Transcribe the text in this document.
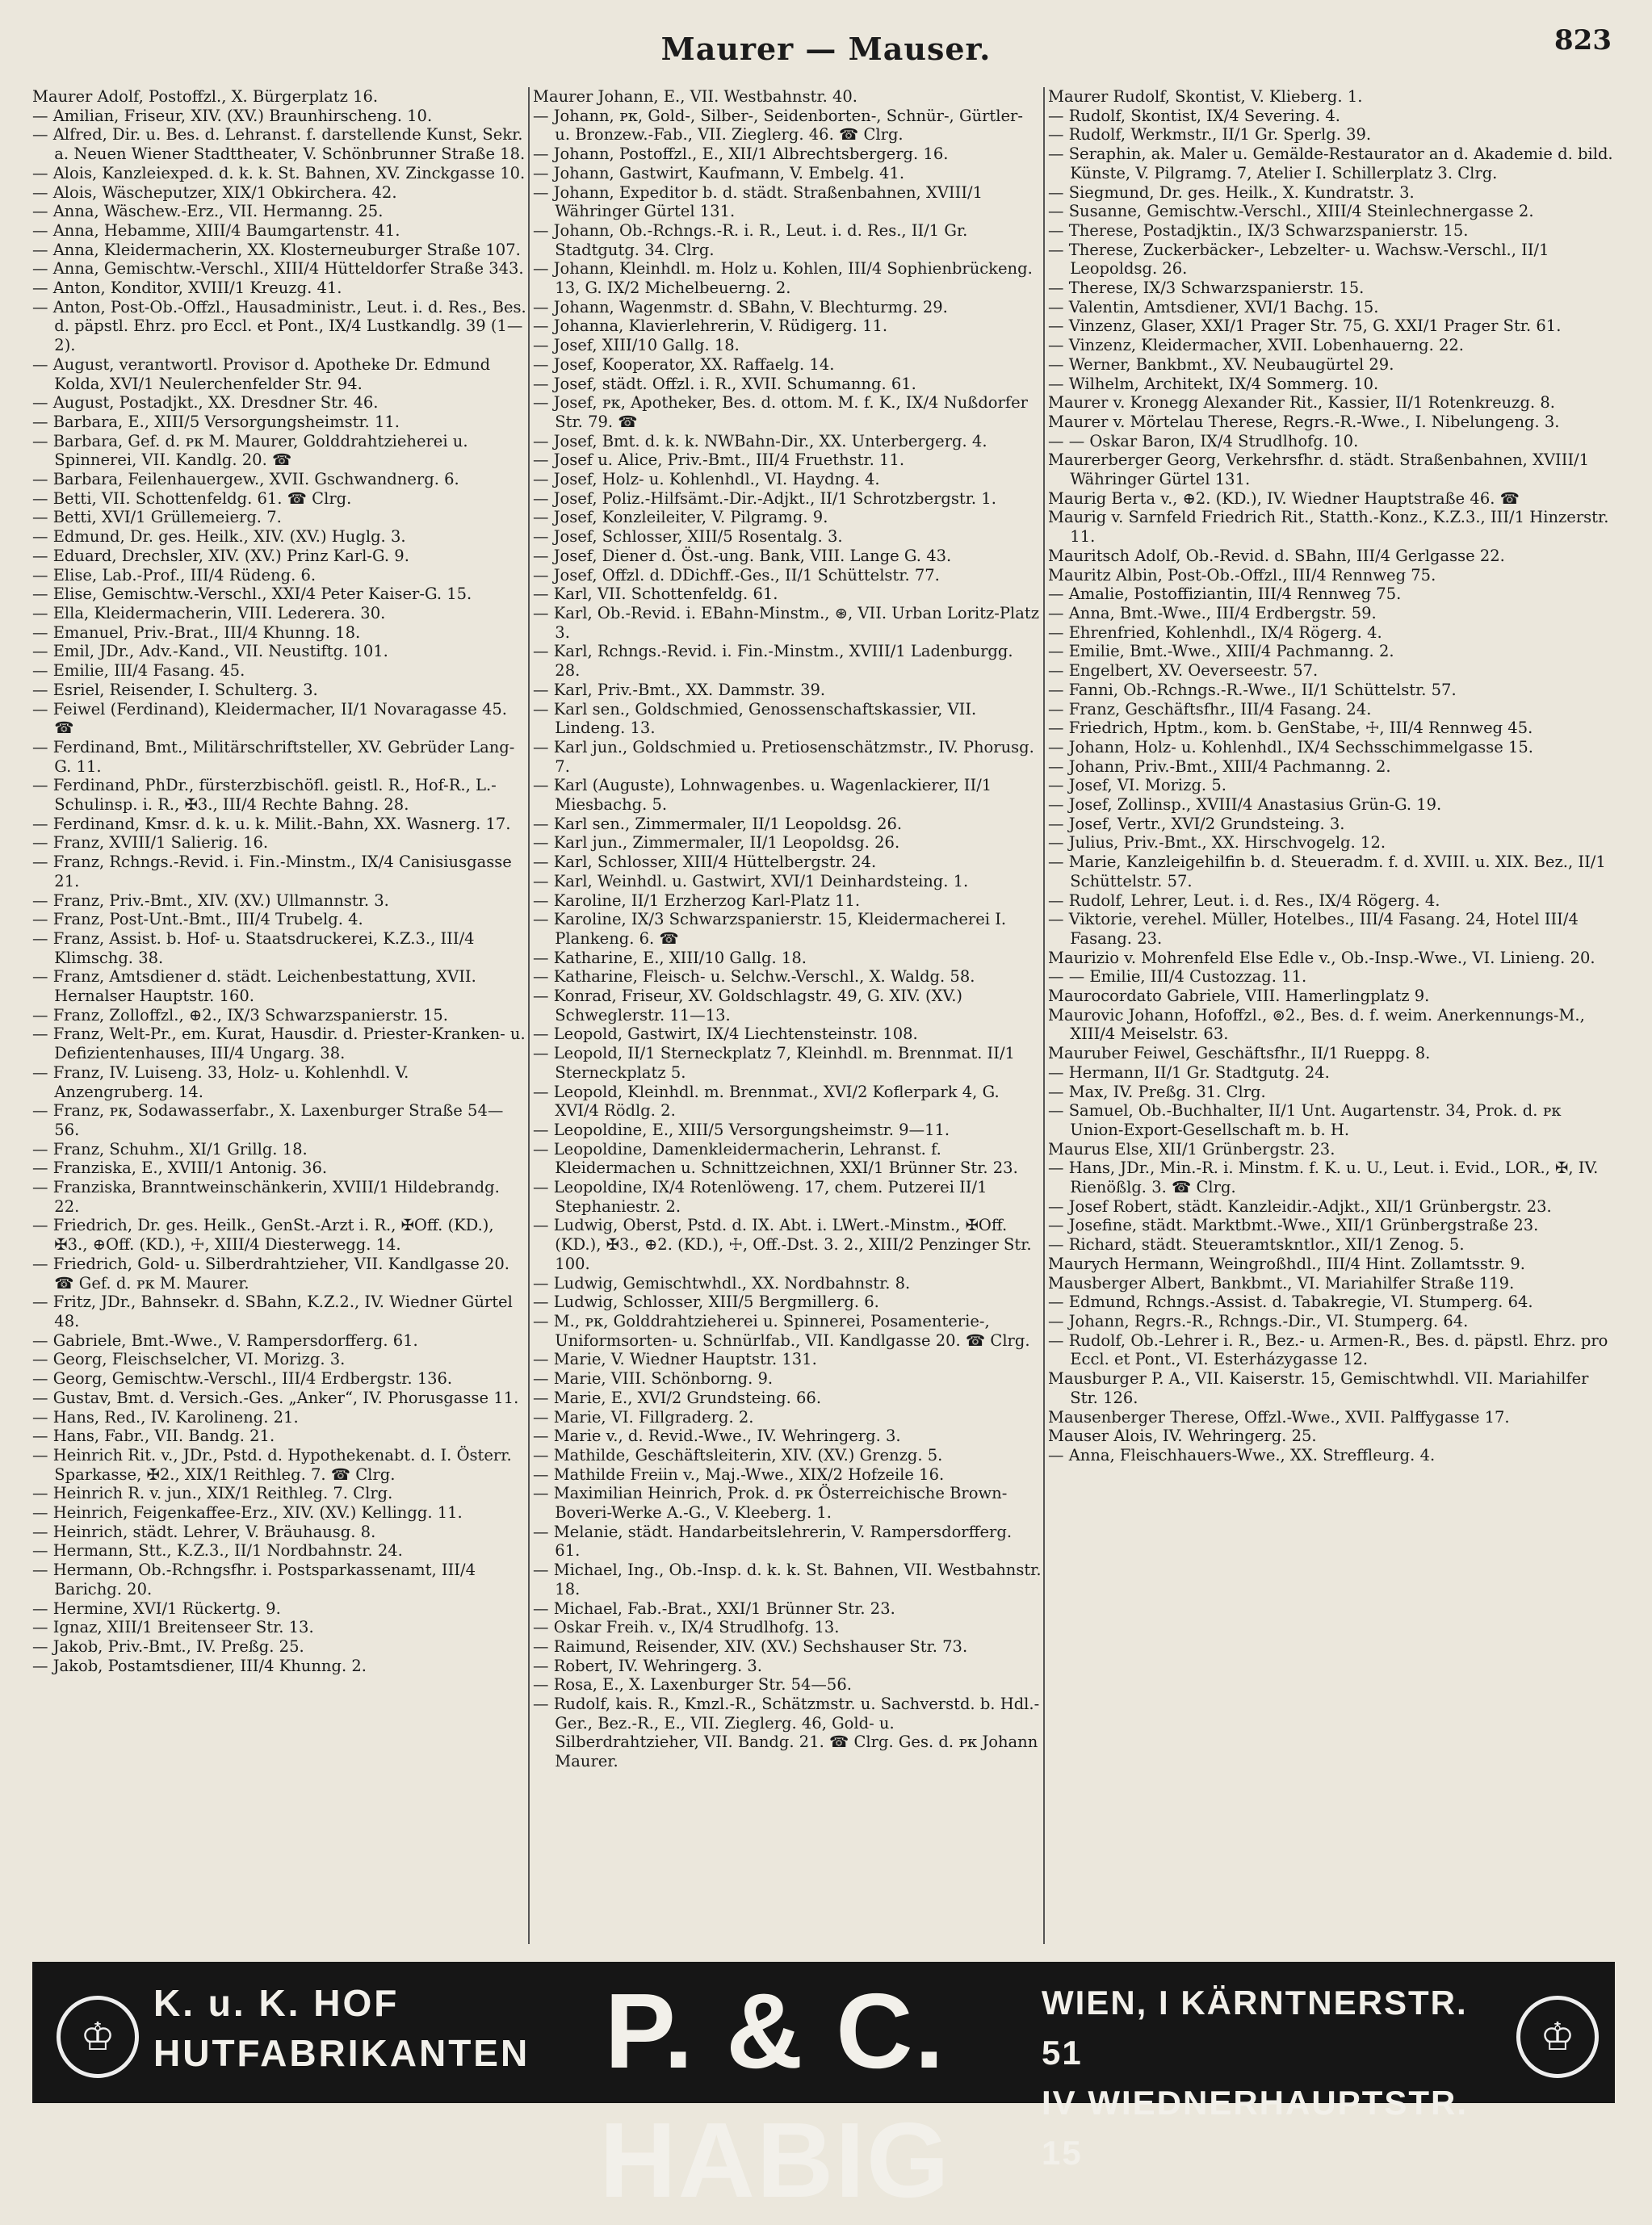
Maurer — Mauser.	823

Maurer Adolf, Postoffzl., X. Bürgerplatz 16.

— Amilian, Friseur, XIV. (XV.) Braunhirscheng. 10.

— Alfred, Dir. u. Bes. d. Lehranst. f. darstellende Kunst, Sekr. a. Neuen Wiener Stadttheater, V. Schönbrunner Straße 18.

— Alois, Kanzleiexped. d. k. k. St. Bahnen, XV. Zinckgasse 10.

— Alois, Wäscheputzer, XIX/1 Obkirchera. 42.

— Anna, Wäschew.-Erz., VII. Hermanng. 25.

— Anna, Hebamme, XIII/4 Baumgartenstr. 41.

— Anna, Kleidermacherin, XX. Klosterneuburger Straße 107.

— Anna, Gemischtw.-Verschl., XIII/4 Hütteldorfer Straße 343.

— Anton, Konditor, XVIII/1 Kreuzg. 41.

— Anton, Post-Ob.-Offzl., Hausadministr., Leut. i. d. Res., Bes. d. päpstl. Ehrz. pro Eccl. et Pont., IX/4 Lustkandlg. 39 (1—2).

— August, verantwortl. Provisor d. Apotheke Dr. Edmund Kolda, XVI/1 Neulerchenfelder Str. 94.

— August, Postadjkt., XX. Dresdner Str. 46.

— Barbara, E., XIII/5 Versorgungsheimstr. 11.

— Barbara, Gef. d. ᴘᴋ M. Maurer, Golddrahtzieherei u. Spinnerei, VII. Kandlg. 20. ☎

— Barbara, Feilenhauergew., XVII. Gschwandnerg. 6.

— Betti, VII. Schottenfeldg. 61. ☎ Clrg.

— Betti, XVI/1 Grüllemeierg. 7.

— Edmund, Dr. ges. Heilk., XIV. (XV.) Huglg. 3.

— Eduard, Drechsler, XIV. (XV.) Prinz Karl-G. 9.

— Elise, Lab.-Prof., III/4 Rüdeng. 6.

— Elise, Gemischtw.-Verschl., XXI/4 Peter Kaiser-G. 15.

— Ella, Kleidermacherin, VIII. Lederera. 30.

— Emanuel, Priv.-Brat., III/4 Khunng. 18.

— Emil, JDr., Adv.-Kand., VII. Neustiftg. 101.

— Emilie, III/4 Fasang. 45.

— Esriel, Reisender, I. Schulterg. 3.

— Feiwel (Ferdinand), Kleidermacher, II/1 Novaragasse 45. ☎

— Ferdinand, Bmt., Militärschriftsteller, XV. Gebrüder Lang-G. 11.

— Ferdinand, PhDr., fürsterzbischöfl. geistl. R., Hof-R., L.-Schulinsp. i. R., ✠3., III/4 Rechte Bahng. 28.

— Ferdinand, Kmsr. d. k. u. k. Milit.-Bahn, XX. Wasnerg. 17.

— Franz, XVIII/1 Salierig. 16.

— Franz, Rchngs.-Revid. i. Fin.-Minstm., IX/4 Canisiusgasse 21.

— Franz, Priv.-Bmt., XIV. (XV.) Ullmannstr. 3.

— Franz, Post-Unt.-Bmt., III/4 Trubelg. 4.

— Franz, Assist. b. Hof- u. Staatsdruckerei, K.Z.3., III/4 Klimschg. 38.

— Franz, Amtsdiener d. städt. Leichenbestattung, XVII. Hernalser Hauptstr. 160.

— Franz, Zolloffzl., ⊕2., IX/3 Schwarzspanierstr. 15.

— Franz, Welt-Pr., em. Kurat, Hausdir. d. Priester-Kranken- u. Defizientenhauses, III/4 Ungarg. 38.

— Franz, IV. Luiseng. 33, Holz- u. Kohlenhdl. V. Anzengruberg. 14.

— Franz, ᴘᴋ, Sodawasserfabr., X. Laxenburger Straße 54—56.

— Franz, Schuhm., XI/1 Grillg. 18.

— Franziska, E., XVIII/1 Antonig. 36.

— Franziska, Branntweinschänkerin, XVIII/1 Hildebrandg. 22.

— Friedrich, Dr. ges. Heilk., GenSt.-Arzt i. R., ✠Off. (KD.), ✠3., ⊕Off. (KD.), ☩, XIII/4 Diesterwegg. 14.

— Friedrich, Gold- u. Silberdrahtzieher, VII. Kandlgasse 20. ☎ Gef. d. ᴘᴋ M. Maurer.

— Fritz, JDr., Bahnsekr. d. SBahn, K.Z.2., IV. Wiedner Gürtel 48.

— Gabriele, Bmt.-Wwe., V. Rampersdorfferg. 61.

— Georg, Fleischselcher, VI. Morizg. 3.

— Georg, Gemischtw.-Verschl., III/4 Erdbergstr. 136.

— Gustav, Bmt. d. Versich.-Ges. „Anker“, IV. Phorusgasse 11.

— Hans, Red., IV. Karolineng. 21.

— Hans, Fabr., VII. Bandg. 21.

— Heinrich Rit. v., JDr., Pstd. d. Hypothekenabt. d. I. Österr. Sparkasse, ✠2., XIX/1 Reithleg. 7. ☎ Clrg.

— Heinrich R. v. jun., XIX/1 Reithleg. 7. Clrg.

— Heinrich, Feigenkaffee-Erz., XIV. (XV.) Kellingg. 11.

— Heinrich, städt. Lehrer, V. Bräuhausg. 8.

— Hermann, Stt., K.Z.3., II/1 Nordbahnstr. 24.

— Hermann, Ob.-Rchngsfhr. i. Postsparkassenamt, III/4 Barichg. 20.

— Hermine, XVI/1 Rückertg. 9.

— Ignaz, XIII/1 Breitenseer Str. 13.

— Jakob, Priv.-Bmt., IV. Preßg. 25.

— Jakob, Postamtsdiener, III/4 Khunng. 2.

Maurer Johann, E., VII. Westbahnstr. 40.

— Johann, ᴘᴋ, Gold-, Silber-, Seidenborten-, Schnür-, Gürtler- u. Bronzew.-Fab., VII. Zieglerg. 46. ☎ Clrg.

— Johann, Postoffzl., E., XII/1 Albrechtsbergerg. 16.

— Johann, Gastwirt, Kaufmann, V. Embelg. 41.

— Johann, Expeditor b. d. städt. Straßenbahnen, XVIII/1 Währinger Gürtel 131.

— Johann, Ob.-Rchngs.-R. i. R., Leut. i. d. Res., II/1 Gr. Stadtgutg. 34. Clrg.

— Johann, Kleinhdl. m. Holz u. Kohlen, III/4 Sophienbrückeng. 13, G. IX/2 Michelbeuerng. 2.

— Johann, Wagenmstr. d. SBahn, V. Blechturmg. 29.

— Johanna, Klavierlehrerin, V. Rüdigerg. 11.

— Josef, XIII/10 Gallg. 18.

— Josef, Kooperator, XX. Raffaelg. 14.

— Josef, städt. Offzl. i. R., XVII. Schumanng. 61.

— Josef, ᴘᴋ, Apotheker, Bes. d. ottom. M. f. K., IX/4 Nußdorfer Str. 79. ☎

— Josef, Bmt. d. k. k. NWBahn-Dir., XX. Unterbergerg. 4.

— Josef u. Alice, Priv.-Bmt., III/4 Fruethstr. 11.

— Josef, Holz- u. Kohlenhdl., VI. Haydng. 4.

— Josef, Poliz.-Hilfsämt.-Dir.-Adjkt., II/1 Schrotzbergstr. 1.

— Josef, Konzleileiter, V. Pilgramg. 9.

— Josef, Schlosser, XIII/5 Rosentalg. 3.

— Josef, Diener d. Öst.-ung. Bank, VIII. Lange G. 43.

— Josef, Offzl. d. DDichff.-Ges., II/1 Schüttelstr. 77.

— Karl, VII. Schottenfeldg. 61.

— Karl, Ob.-Revid. i. EBahn-Minstm., ⊛, VII. Urban Loritz-Platz 3.

— Karl, Rchngs.-Revid. i. Fin.-Minstm., XVIII/1 Ladenburgg. 28.

— Karl, Priv.-Bmt., XX. Dammstr. 39.

— Karl sen., Goldschmied, Genossenschaftskassier, VII. Lindeng. 13.

— Karl jun., Goldschmied u. Pretiosenschätzmstr., IV. Phorusg. 7.

— Karl (Auguste), Lohnwagenbes. u. Wagenlackierer, II/1 Miesbachg. 5.

— Karl sen., Zimmermaler, II/1 Leopoldsg. 26.

— Karl jun., Zimmermaler, II/1 Leopoldsg. 26.

— Karl, Schlosser, XIII/4 Hüttelbergstr. 24.

— Karl, Weinhdl. u. Gastwirt, XVI/1 Deinhardsteing. 1.

— Karoline, II/1 Erzherzog Karl-Platz 11.

— Karoline, IX/3 Schwarzspanierstr. 15, Kleidermacherei I. Plankeng. 6. ☎

— Katharine, E., XIII/10 Gallg. 18.

— Katharine, Fleisch- u. Selchw.-Verschl., X. Waldg. 58.

— Konrad, Friseur, XV. Goldschlagstr. 49, G. XIV. (XV.) Schweglerstr. 11—13.

— Leopold, Gastwirt, IX/4 Liechtensteinstr. 108.

— Leopold, II/1 Sterneckplatz 7, Kleinhdl. m. Brennmat. II/1 Sterneckplatz 5.

— Leopold, Kleinhdl. m. Brennmat., XVI/2 Koflerpark 4, G. XVI/4 Rödlg. 2.

— Leopoldine, E., XIII/5 Versorgungsheimstr. 9—11.

— Leopoldine, Damenkleidermacherin, Lehranst. f. Kleidermachen u. Schnittzeichnen, XXI/1 Brünner Str. 23.

— Leopoldine, IX/4 Rotenlöweng. 17, chem. Putzerei II/1 Stephaniestr. 2.

— Ludwig, Oberst, Pstd. d. IX. Abt. i. LWert.-Minstm., ✠Off. (KD.), ✠3., ⊕2. (KD.), ☩, Off.-Dst. 3. 2., XIII/2 Penzinger Str. 100.

— Ludwig, Gemischtwhdl., XX. Nordbahnstr. 8.

— Ludwig, Schlosser, XIII/5 Bergmillerg. 6.

— M., ᴘᴋ, Golddrahtzieherei u. Spinnerei, Posamenterie-, Uniformsorten- u. Schnürlfab., VII. Kandlgasse 20. ☎ Clrg.

— Marie, V. Wiedner Hauptstr. 131.

— Marie, VIII. Schönborng. 9.

— Marie, E., XVI/2 Grundsteing. 66.

— Marie, VI. Fillgraderg. 2.

— Marie v., d. Revid.-Wwe., IV. Wehringerg. 3.

— Mathilde, Geschäftsleiterin, XIV. (XV.) Grenzg. 5.

— Mathilde Freiin v., Maj.-Wwe., XIX/2 Hofzeile 16.

— Maximilian Heinrich, Prok. d. ᴘᴋ Österreichische Brown-Boveri-Werke A.-G., V. Kleeberg. 1.

— Melanie, städt. Handarbeitslehrerin, V. Rampersdorfferg. 61.

— Michael, Ing., Ob.-Insp. d. k. k. St. Bahnen, VII. Westbahnstr. 18.

— Michael, Fab.-Brat., XXI/1 Brünner Str. 23.

— Oskar Freih. v., IX/4 Strudlhofg. 13.

— Raimund, Reisender, XIV. (XV.) Sechshauser Str. 73.

— Robert, IV. Wehringerg. 3.

— Rosa, E., X. Laxenburger Str. 54—56.

— Rudolf, kais. R., Kmzl.-R., Schätzmstr. u. Sachverstd. b. Hdl.-Ger., Bez.-R., E., VII. Zieglerg. 46, Gold- u. Silberdrahtzieher, VII. Bandg. 21. ☎ Clrg. Ges. d. ᴘᴋ Johann Maurer.

Maurer Rudolf, Skontist, V. Klieberg. 1.

— Rudolf, Skontist, IX/4 Severing. 4.

— Rudolf, Werkmstr., II/1 Gr. Sperlg. 39.

— Seraphin, ak. Maler u. Gemälde-Restaurator an d. Akademie d. bild. Künste, V. Pilgramg. 7, Atelier I. Schillerplatz 3. Clrg.

— Siegmund, Dr. ges. Heilk., X. Kundratstr. 3.

— Susanne, Gemischtw.-Verschl., XIII/4 Steinlechnergasse 2.

— Therese, Postadjktin., IX/3 Schwarzspanierstr. 15.

— Therese, Zuckerbäcker-, Lebzelter- u. Wachsw.-Verschl., II/1 Leopoldsg. 26.

— Therese, IX/3 Schwarzspanierstr. 15.

— Valentin, Amtsdiener, XVI/1 Bachg. 15.

— Vinzenz, Glaser, XXI/1 Prager Str. 75, G. XXI/1 Prager Str. 61.

— Vinzenz, Kleidermacher, XVII. Lobenhauerng. 22.

— Werner, Bankbmt., XV. Neubaugürtel 29.

— Wilhelm, Architekt, IX/4 Sommerg. 10.

Maurer v. Kronegg Alexander Rit., Kassier, II/1 Rotenkreuzg. 8.

Maurer v. Mörtelau Therese, Regrs.-R.-Wwe., I. Nibelungeng. 3.

— — Oskar Baron, IX/4 Strudlhofg. 10.

Maurerberger Georg, Verkehrsfhr. d. städt. Straßenbahnen, XVIII/1 Währinger Gürtel 131.

Maurig Berta v., ⊕2. (KD.), IV. Wiedner Hauptstraße 46. ☎

Maurig v. Sarnfeld Friedrich Rit., Statth.-Konz., K.Z.3., III/1 Hinzerstr. 11.

Mauritsch Adolf, Ob.-Revid. d. SBahn, III/4 Gerlgasse 22.

Mauritz Albin, Post-Ob.-Offzl., III/4 Rennweg 75.

— Amalie, Postoffiziantin, III/4 Rennweg 75.

— Anna, Bmt.-Wwe., III/4 Erdbergstr. 59.

— Ehrenfried, Kohlenhdl., IX/4 Rögerg. 4.

— Emilie, Bmt.-Wwe., XIII/4 Pachmanng. 2.

— Engelbert, XV. Oeverseestr. 57.

— Fanni, Ob.-Rchngs.-R.-Wwe., II/1 Schüttelstr. 57.

— Franz, Geschäftsfhr., III/4 Fasang. 24.

— Friedrich, Hptm., kom. b. GenStabe, ☩, III/4 Rennweg 45.

— Johann, Holz- u. Kohlenhdl., IX/4 Sechsschimmelgasse 15.

— Johann, Priv.-Bmt., XIII/4 Pachmanng. 2.

— Josef, VI. Morizg. 5.

— Josef, Zollinsp., XVIII/4 Anastasius Grün-G. 19.

— Josef, Vertr., XVI/2 Grundsteing. 3.

— Julius, Priv.-Bmt., XX. Hirschvogelg. 12.

— Marie, Kanzleigehilfin b. d. Steueradm. f. d. XVIII. u. XIX. Bez., II/1 Schüttelstr. 57.

— Rudolf, Lehrer, Leut. i. d. Res., IX/4 Rögerg. 4.

— Viktorie, verehel. Müller, Hotelbes., III/4 Fasang. 24, Hotel III/4 Fasang. 23.

Maurizio v. Mohrenfeld Else Edle v., Ob.-Insp.-Wwe., VI. Linieng. 20.

— — Emilie, III/4 Custozzag. 11.

Maurocordato Gabriele, VIII. Hamerlingplatz 9.

Maurovic Johann, Hofoffzl., ⊚2., Bes. d. f. weim. Anerkennungs-M., XIII/4 Meiselstr. 63.

Mauruber Feiwel, Geschäftsfhr., II/1 Rueppg. 8.

— Hermann, II/1 Gr. Stadtgutg. 24.

— Max, IV. Preßg. 31. Clrg.

— Samuel, Ob.-Buchhalter, II/1 Unt. Augartenstr. 34, Prok. d. ᴘᴋ Union-Export-Gesellschaft m. b. H.

Maurus Else, XII/1 Grünbergstr. 23.

— Hans, JDr., Min.-R. i. Minstm. f. K. u. U., Leut. i. Evid., LOR., ✠, IV. Rienößlg. 3. ☎ Clrg.

— Josef Robert, städt. Kanzleidir.-Adjkt., XII/1 Grünbergstr. 23.

— Josefine, städt. Marktbmt.-Wwe., XII/1 Grünbergstraße 23.

— Richard, städt. Steueramtskntlor., XII/1 Zenog. 5.

Maurych Hermann, Weingroßhdl., III/4 Hint. Zollamtsstr. 9.

Mausberger Albert, Bankbmt., VI. Mariahilfer Straße 119.

— Edmund, Rchngs.-Assist. d. Tabakregie, VI. Stumperg. 64.

— Johann, Regrs.-R., Rchngs.-Dir., VI. Stumperg. 64.

— Rudolf, Ob.-Lehrer i. R., Bez.- u. Armen-R., Bes. d. päpstl. Ehrz. pro Eccl. et Pont., VI. Esterházygasse 12.

Mausburger P. A., VII. Kaiserstr. 15, Gemischtwhdl. VII. Mariahilfer Str. 126.

Mausenberger Therese, Offzl.-Wwe., XVII. Palffygasse 17.

Mauser Alois, IV. Wehringerg. 25.

— Anna, Fleischhauers-Wwe., XX. Streffleurg. 4.

♔
K. u. K. HOF
HUTFABRIKANTEN P. & C. HABIG
WIEN, I KÄRNTNERSTR. 51
IV WIEDNERHAUPTSTR. 15
♔
